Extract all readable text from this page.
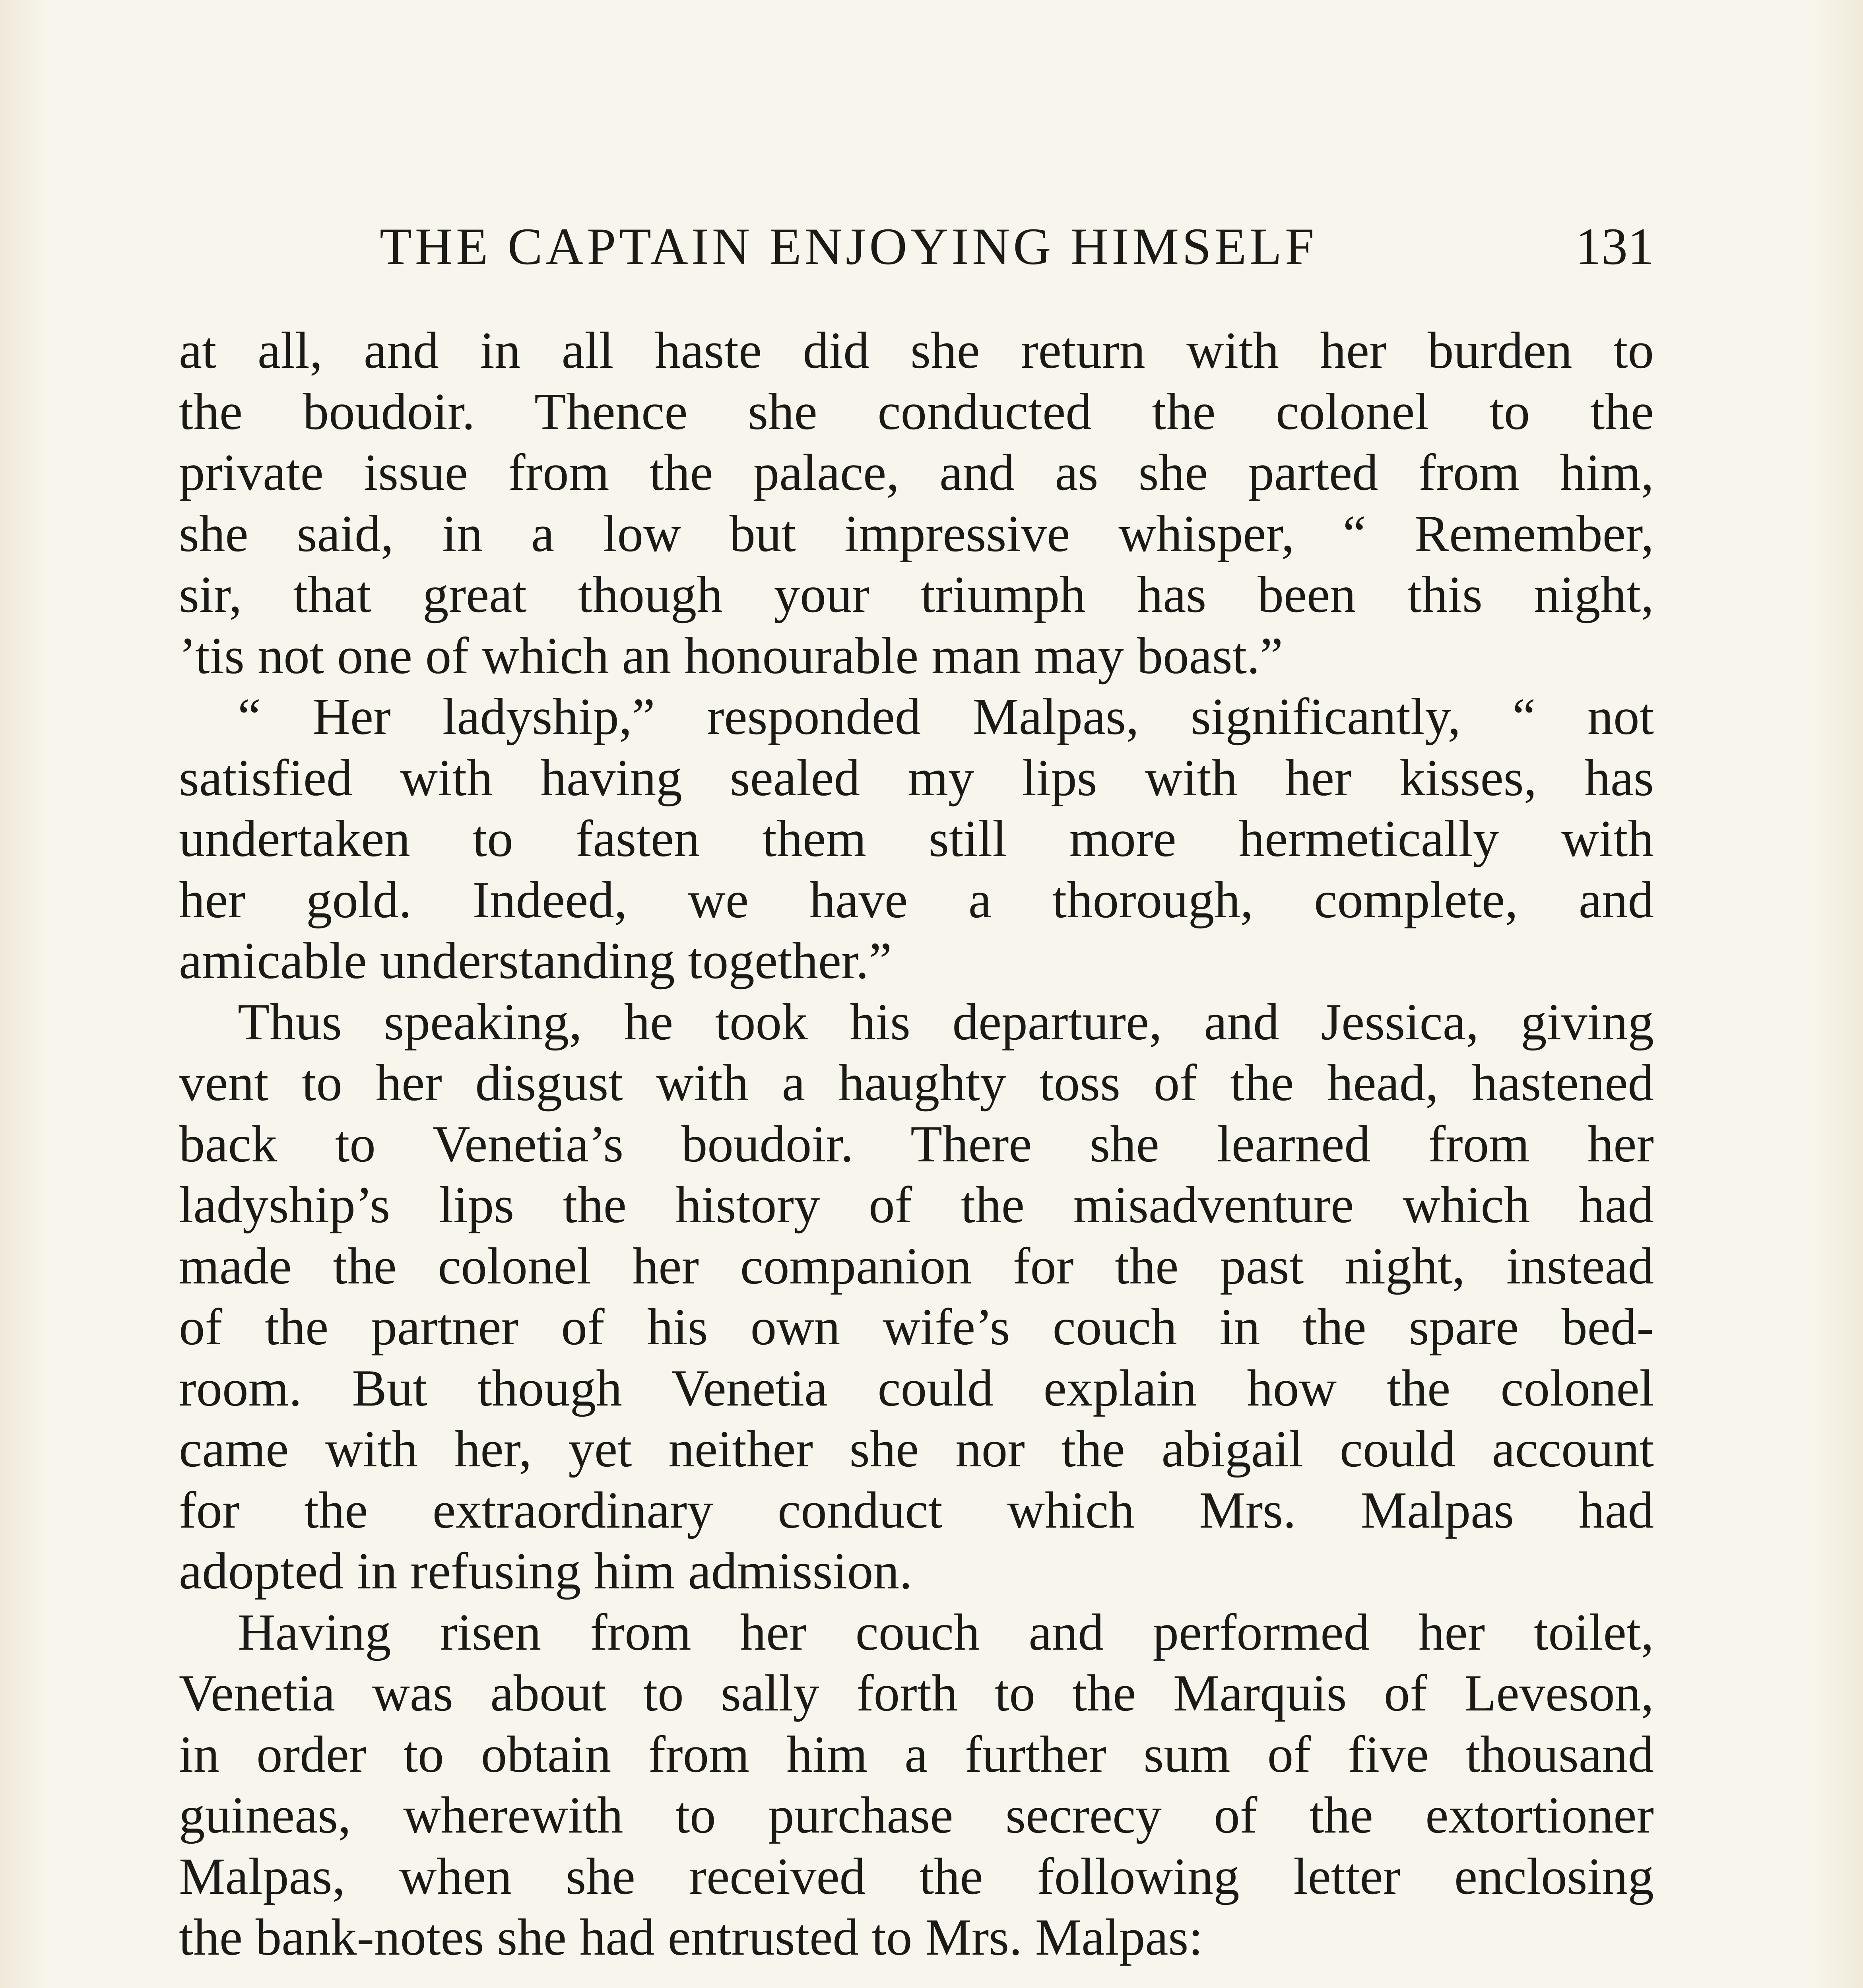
THE CAPTAIN ENJOYING HIMSELF	131
at all, and in all haste did she return with her burden to
the boudoir. Thence she conducted the colonel to the
private issue from the palace, and as she parted from him,
she said, in a low but impressive whisper, “ Remember,
sir, that great though your triumph has been this night,
’tis not one of which an honourable man may boast.”
“ Her ladyship,” responded Malpas, significantly, “ not
satisfied with having sealed my lips with her kisses, has
undertaken to fasten them still more hermetically with
her gold. Indeed, we have a thorough, complete, and
amicable understanding together.”
Thus speaking, he took his departure, and Jessica, giving
vent to her disgust with a haughty toss of the head, hastened
back to Venetia’s boudoir. There she learned from her
ladyship’s lips the history of the misadventure which had
made the colonel her companion for the past night, instead
of the partner of his own wife’s couch in the spare bed-
room. But though Venetia could explain how the colonel
came with her, yet neither she nor the abigail could account
for the extraordinary conduct which Mrs. Malpas had
adopted in refusing him admission.
Having risen from her couch and performed her toilet,
Venetia was about to sally forth to the Marquis of Leveson,
in order to obtain from him a further sum of five thousand
guineas, wherewith to purchase secrecy of the extortioner
Malpas, when she received the following letter enclosing
the bank-notes she had entrusted to Mrs. Malpas:
